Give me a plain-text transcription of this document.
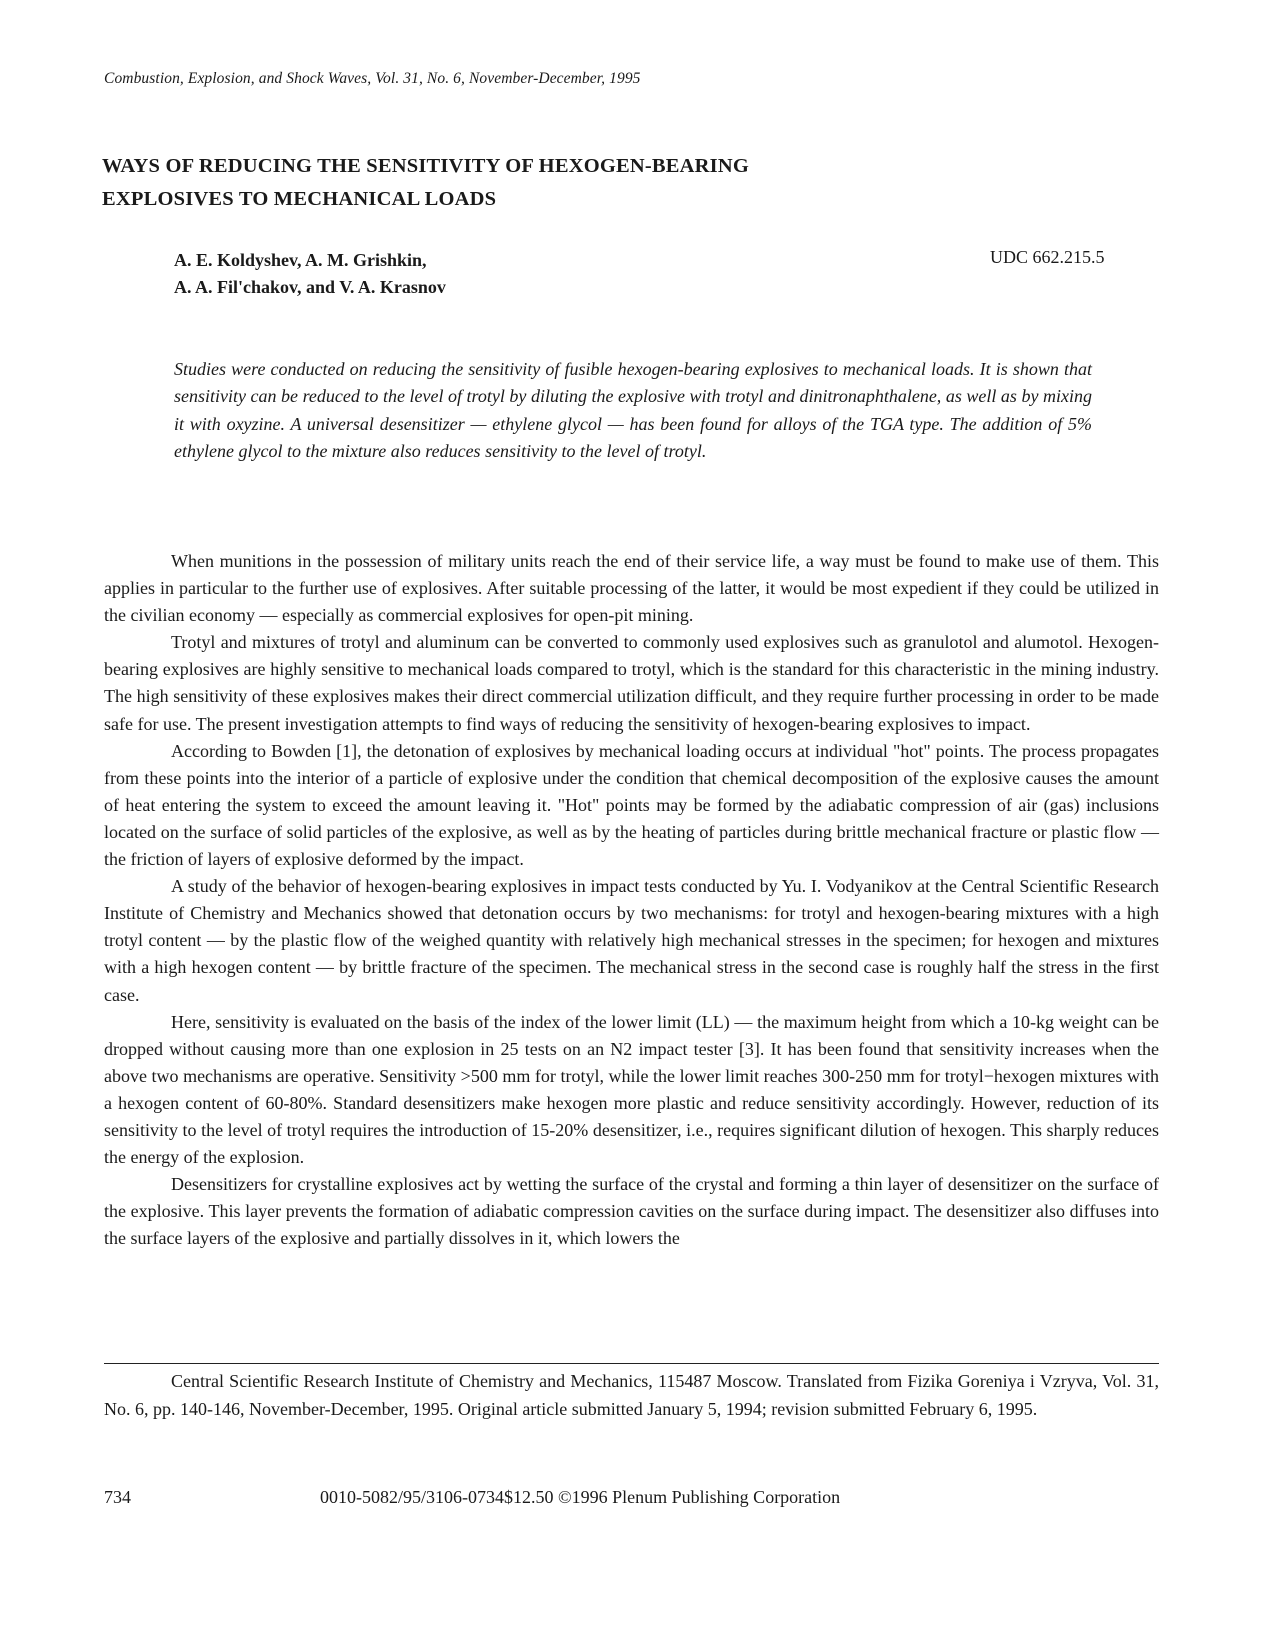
Combustion, Explosion, and Shock Waves, Vol. 31, No. 6, November-December, 1995
WAYS OF REDUCING THE SENSITIVITY OF HEXOGEN-BEARING
EXPLOSIVES TO MECHANICAL LOADS
A. E. Koldyshev, A. M. Grishkin,
A. A. Fil'chakov, and V. A. Krasnov
UDC 662.215.5
Studies were conducted on reducing the sensitivity of fusible hexogen-bearing explosives to mechanical loads. It is shown that sensitivity can be reduced to the level of trotyl by diluting the explosive with trotyl and dinitronaphthalene, as well as by mixing it with oxyzine. A universal desensitizer — ethylene glycol — has been found for alloys of the TGA type. The addition of 5% ethylene glycol to the mixture also reduces sensitivity to the level of trotyl.

When munitions in the possession of military units reach the end of their service life, a way must be found to make use of them. This applies in particular to the further use of explosives. After suitable processing of the latter, it would be most expedient if they could be utilized in the civilian economy — especially as commercial explosives for open-pit mining.

Trotyl and mixtures of trotyl and aluminum can be converted to commonly used explosives such as granulotol and alumotol. Hexogen-bearing explosives are highly sensitive to mechanical loads compared to trotyl, which is the standard for this characteristic in the mining industry. The high sensitivity of these explosives makes their direct commercial utilization difficult, and they require further processing in order to be made safe for use. The present investigation attempts to find ways of reducing the sensitivity of hexogen-bearing explosives to impact.

According to Bowden [1], the detonation of explosives by mechanical loading occurs at individual "hot" points. The process propagates from these points into the interior of a particle of explosive under the condition that chemical decomposition of the explosive causes the amount of heat entering the system to exceed the amount leaving it. "Hot" points may be formed by the adiabatic compression of air (gas) inclusions located on the surface of solid particles of the explosive, as well as by the heating of particles during brittle mechanical fracture or plastic flow — the friction of layers of explosive deformed by the impact.

A study of the behavior of hexogen-bearing explosives in impact tests conducted by Yu. I. Vodyanikov at the Central Scientific Research Institute of Chemistry and Mechanics showed that detonation occurs by two mechanisms: for trotyl and hexogen-bearing mixtures with a high trotyl content — by the plastic flow of the weighed quantity with relatively high mechanical stresses in the specimen; for hexogen and mixtures with a high hexogen content — by brittle fracture of the specimen. The mechanical stress in the second case is roughly half the stress in the first case.

Here, sensitivity is evaluated on the basis of the index of the lower limit (LL) — the maximum height from which a 10-kg weight can be dropped without causing more than one explosion in 25 tests on an N2 impact tester [3]. It has been found that sensitivity increases when the above two mechanisms are operative. Sensitivity >500 mm for trotyl, while the lower limit reaches 300-250 mm for trotyl−hexogen mixtures with a hexogen content of 60-80%. Standard desensitizers make hexogen more plastic and reduce sensitivity accordingly. However, reduction of its sensitivity to the level of trotyl requires the introduction of 15-20% desensitizer, i.e., requires significant dilution of hexogen. This sharply reduces the energy of the explosion.

Desensitizers for crystalline explosives act by wetting the surface of the crystal and forming a thin layer of desensitizer on the surface of the explosive. This layer prevents the formation of adiabatic compression cavities on the surface during impact. The desensitizer also diffuses into the surface layers of the explosive and partially dissolves in it, which lowers the

Central Scientific Research Institute of Chemistry and Mechanics, 115487 Moscow. Translated from Fizika Goreniya i Vzryva, Vol. 31, No. 6, pp. 140-146, November-December, 1995. Original article submitted January 5, 1994; revision submitted February 6, 1995.
734	0010-5082/95/3106-0734$12.50 ©1996 Plenum Publishing Corporation
